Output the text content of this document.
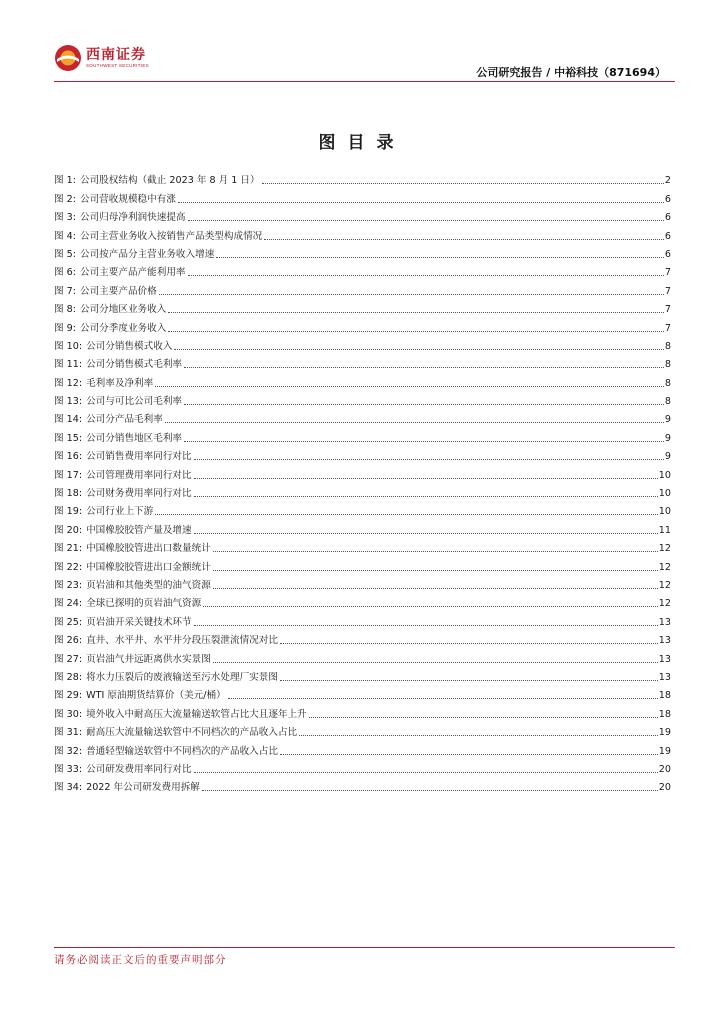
西南证券
SOUTHWEST SECURITIES
公司研究报告 / 中裕科技（871694）
图目录
图 1: 公司股权结构（截止 2023 年 8 月 1 日）	2
图 2: 公司营收规模稳中有涨	6
图 3: 公司归母净利润快速提高	6
图 4: 公司主营业务收入按销售产品类型构成情况	6
图 5: 公司按产品分主营业务收入增速	6
图 6: 公司主要产品产能利用率	7
图 7: 公司主要产品价格	7
图 8: 公司分地区业务收入	7
图 9: 公司分季度业务收入	7
图 10: 公司分销售模式收入	8
图 11: 公司分销售模式毛利率	8
图 12: 毛利率及净利率	8
图 13: 公司与可比公司毛利率	8
图 14: 公司分产品毛利率	9
图 15: 公司分销售地区毛利率	9
图 16: 公司销售费用率同行对比	9
图 17: 公司管理费用率同行对比	10
图 18: 公司财务费用率同行对比	10
图 19: 公司行业上下游	10
图 20: 中国橡胶胶管产量及增速	11
图 21: 中国橡胶胶管进出口数量统计	12
图 22: 中国橡胶胶管进出口金额统计	12
图 23: 页岩油和其他类型的油气资源	12
图 24: 全球已探明的页岩油气资源	12
图 25: 页岩油开采关键技术环节	13
图 26: 直井、水平井、水平井分段压裂泄流情况对比	13
图 27: 页岩油气井远距离供水实景图	13
图 28: 将水力压裂后的废液输送至污水处理厂实景图	13
图 29: WTI 原油期货结算价（美元/桶）	18
图 30: 境外收入中耐高压大流量输送软管占比大且逐年上升	18
图 31: 耐高压大流量输送软管中不同档次的产品收入占比	19
图 32: 普通轻型输送软管中不同档次的产品收入占比	19
图 33: 公司研发费用率同行对比	20
图 34: 2022 年公司研发费用拆解	20
请务必阅读正文后的重要声明部分
